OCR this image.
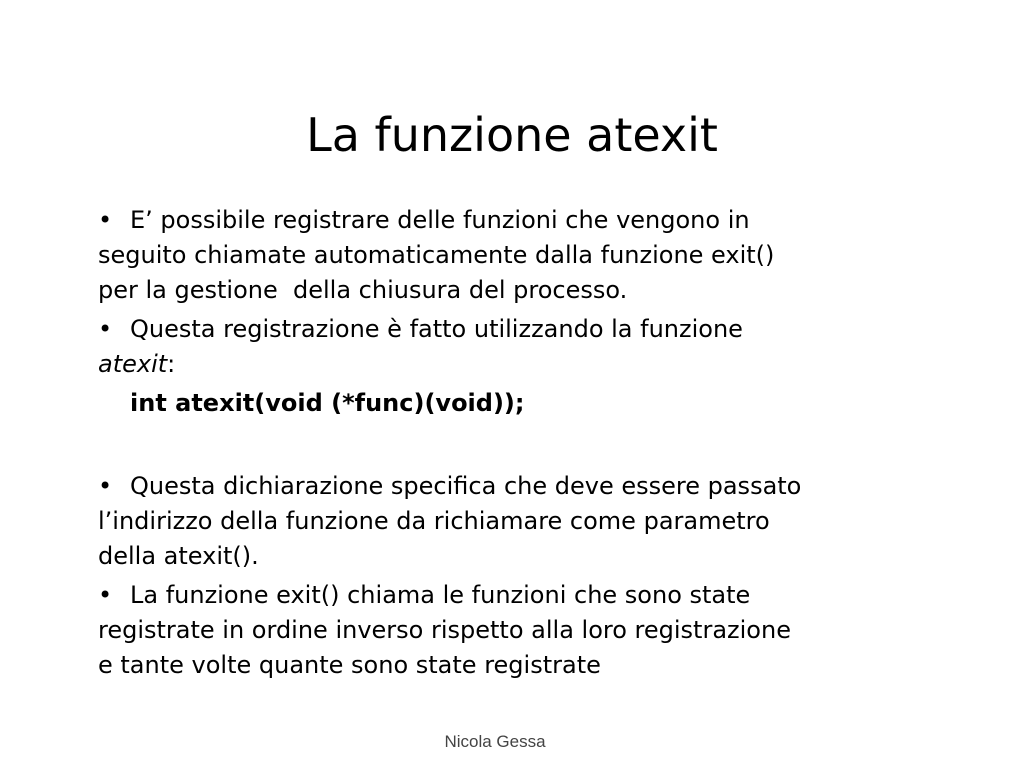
La funzione atexit

• E’ possibile registrare delle funzioni che vengono in
seguito chiamate automaticamente dalla funzione exit()
per la gestione  della chiusura del processo.

• Questa registrazione è fatto utilizzando la funzione
atexit:

int atexit(void (*func)(void));

• Questa dichiarazione specifica che deve essere passato
l’indirizzo della funzione da richiamare come parametro
della atexit().

• La funzione exit() chiama le funzioni che sono state
registrate in ordine inverso rispetto alla loro registrazione
e tante volte quante sono state registrate

Nicola Gessa
